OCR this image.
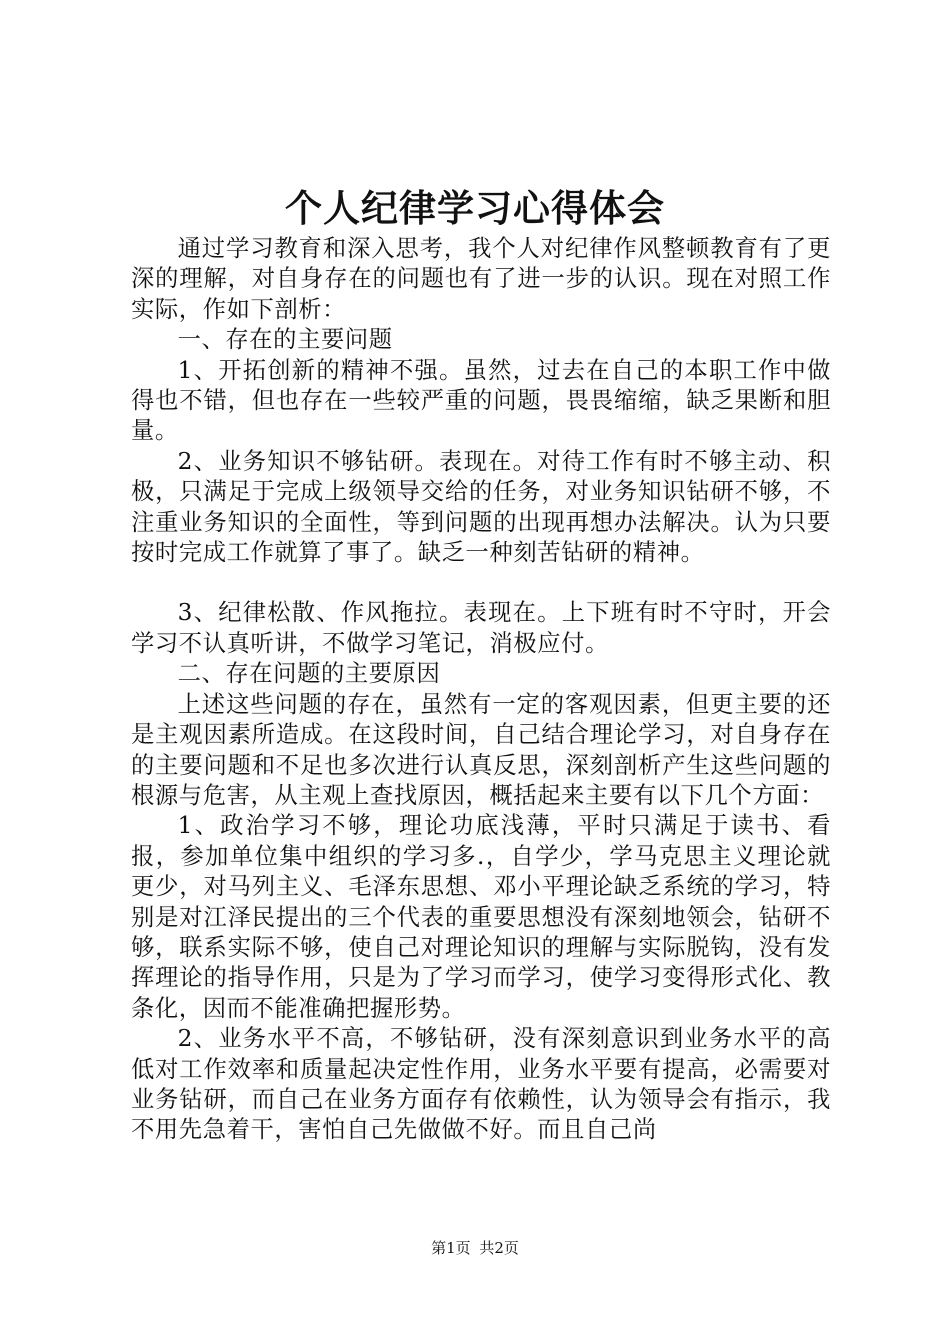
个人纪律学习心得体会

通过学习教育和深入思考，我个人对纪律作风整顿教育有了更深的理解，对自身存在的问题也有了进一步的认识。现在对照工作实际，作如下剖析：

一、存在的主要问题

1、开拓创新的精神不强。虽然，过去在自己的本职工作中做得也不错，但也存在一些较严重的问题，畏畏缩缩，缺乏果断和胆量。

2、业务知识不够钻研。表现在。对待工作有时不够主动、积极，只满足于完成上级领导交给的任务，对业务知识钻研不够，不注重业务知识的全面性，等到问题的出现再想办法解决。认为只要按时完成工作就算了事了。缺乏一种刻苦钻研的精神。

3、纪律松散、作风拖拉。表现在。上下班有时不守时，开会学习不认真听讲，不做学习笔记，消极应付。

二、存在问题的主要原因

上述这些问题的存在，虽然有一定的客观因素，但更主要的还是主观因素所造成。在这段时间，自己结合理论学习，对自身存在的主要问题和不足也多次进行认真反思，深刻剖析产生这些问题的根源与危害，从主观上查找原因，概括起来主要有以下几个方面：

1、政治学习不够，理论功底浅薄，平时只满足于读书、看报，参加单位集中组织的学习多.，自学少，学马克思主义理论就更少，对马列主义、毛泽东思想、邓小平理论缺乏系统的学习，特别是对江泽民提出的三个代表的重要思想没有深刻地领会，钻研不够，联系实际不够，使自己对理论知识的理解与实际脱钩，没有发挥理论的指导作用，只是为了学习而学习，使学习变得形式化、教条化，因而不能准确把握形势。

2、业务水平不高，不够钻研，没有深刻意识到业务水平的高低对工作效率和质量起决定性作用，业务水平要有提高，必需要对业务钻研，而自己在业务方面存有依赖性，认为领导会有指示，我不用先急着干，害怕自己先做做不好。而且自己尚

第1页 共2页
